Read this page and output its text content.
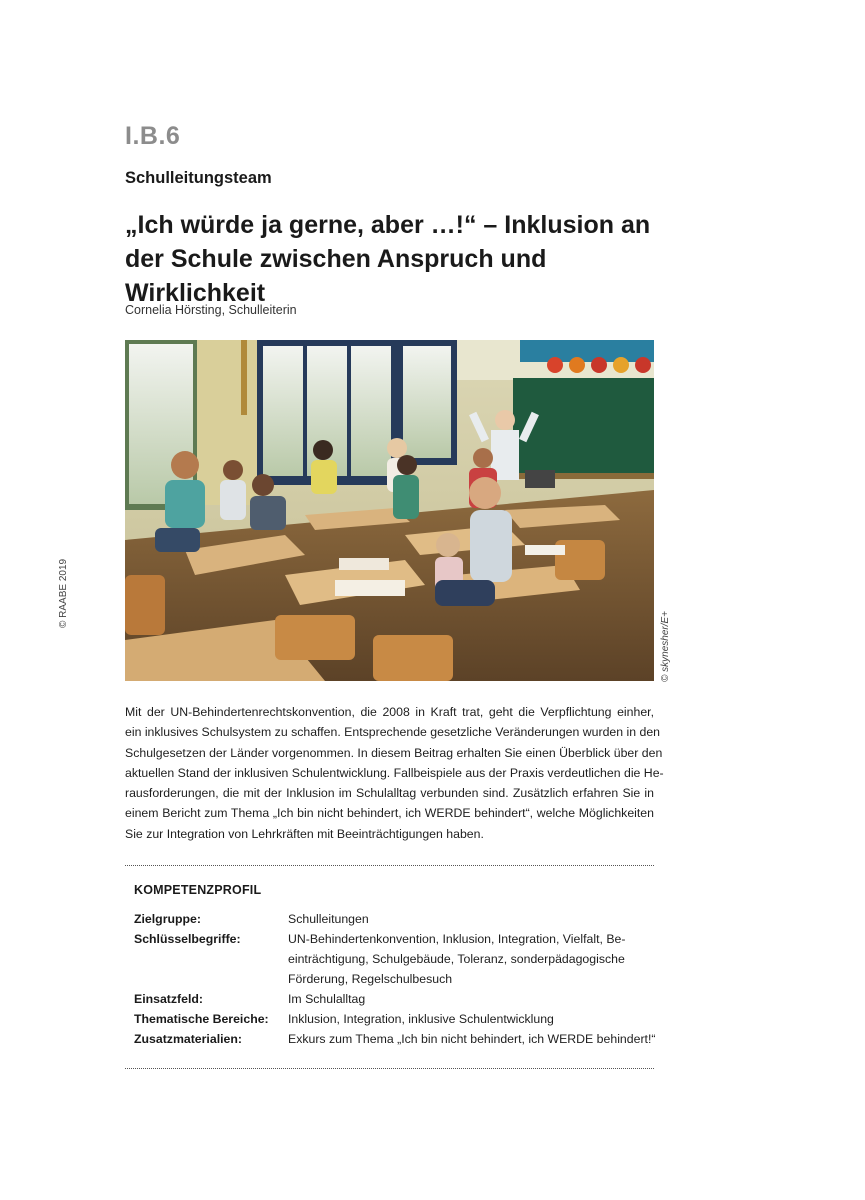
I.B.6
Schulleitungsteam
„Ich würde ja gerne, aber …!“ – Inklusion an
der Schule zwischen Anspruch und Wirklichkeit
Cornelia Hörsting, Schulleiterin
© RAABE 2019
© skynesher/E+
Mit der UN-Behindertenrechtskonvention, die 2008 in Kraft trat, geht die Verpflichtung einher,
ein inklusives Schulsystem zu schaffen. Entsprechende gesetzliche Veränderungen wurden in den
Schulgesetzen der Länder vorgenommen. In diesem Beitrag erhalten Sie einen Überblick über den
aktuellen Stand der inklusiven Schulentwicklung. Fallbeispiele aus der Praxis verdeutlichen die He-
rausforderungen, die mit der Inklusion im Schulalltag verbunden sind. Zusätzlich erfahren Sie in
einem Bericht zum Thema „Ich bin nicht behindert, ich WERDE behindert“, welche Möglichkeiten
Sie zur Integration von Lehrkräften mit Beeinträchtigungen haben.
KOMPETENZPROFIL
Zielgruppe:	Schulleitungen
Schlüsselbegriffe:	UN-Behindertenkonvention, Inklusion, Integration, Vielfalt, Be-
einträchtigung, Schulgebäude, Toleranz, sonderpädagogische
Förderung, Regelschulbesuch
Einsatzfeld:	Im Schulalltag
Thematische Bereiche:	Inklusion, Integration, inklusive Schulentwicklung
Zusatzmaterialien:	Exkurs zum Thema „Ich bin nicht behindert, ich WERDE behindert!“
